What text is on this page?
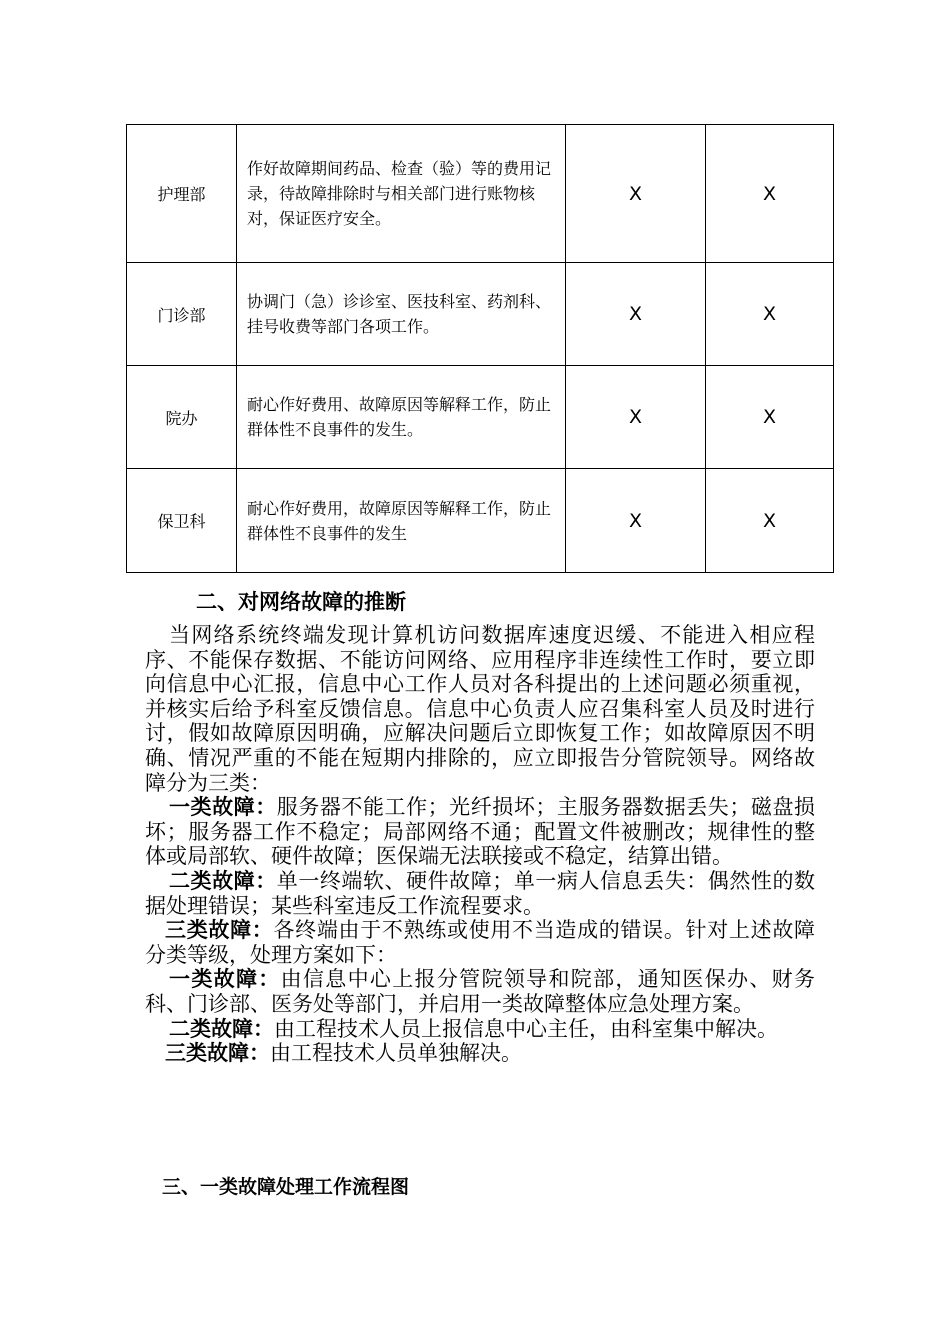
护理部	作好故障期间药品、检查（验）等的费用记录，待故障排除时与相关部门进行账物核对，保证医疗安全。	X	X
门诊部	协调门（急）诊诊室、医技科室、药剂科、挂号收费等部门各项工作。	X	X
院办	耐心作好费用、故障原因等解释工作，防止群体性不良事件的发生。	X	X
保卫科	耐心作好费用，故障原因等解释工作，防止群体性不良事件的发生	X	X
二、对网络故障的推断

当网络系统终端发现计算机访问数据库速度迟缓、不能进入相应程序、不能保存数据、不能访问网络、应用程序非连续性工作时，要立即向信息中心汇报，信息中心工作人员对各科提出的上述问题必须重视，并核实后给予科室反馈信息。信息中心负责人应召集科室人员及时进行讨，假如故障原因明确，应解决问题后立即恢复工作；如故障原因不明确、情况严重的不能在短期内排除的，应立即报告分管院领导。网络故障分为三类：

一类故障：服务器不能工作；光纤损坏；主服务器数据丢失；磁盘损坏；服务器工作不稳定；局部网络不通；配置文件被删改；规律性的整体或局部软、硬件故障；医保端无法联接或不稳定，结算出错。

二类故障：单一终端软、硬件故障；单一病人信息丢失：偶然性的数据处理错误；某些科室违反工作流程要求。

三类故障：各终端由于不熟练或使用不当造成的错误。针对上述故障分类等级，处理方案如下：

一类故障：由信息中心上报分管院领导和院部，通知医保办、财务科、门诊部、医务处等部门，并启用一类故障整体应急处理方案。

二类故障：由工程技术人员上报信息中心主任，由科室集中解决。

三类故障：由工程技术人员单独解决。

三、一类故障处理工作流程图
